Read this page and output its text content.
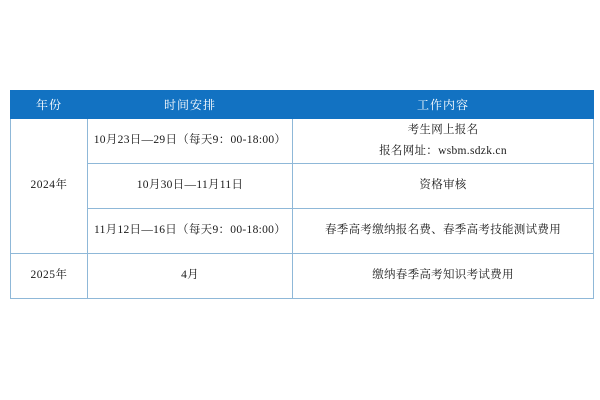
年份	时间安排	工作内容
2024年	10月23日—29日（每天9：00-18:00）	考生网上报名
报名网址：wsbm.sdzk.cn

	10月30日—11月11日	资格审核
	11月12日—16日（每天9：00-18:00）	春季高考缴纳报名费、春季高考技能测试费用
2025年	4月	缴纳春季高考知识考试费用
